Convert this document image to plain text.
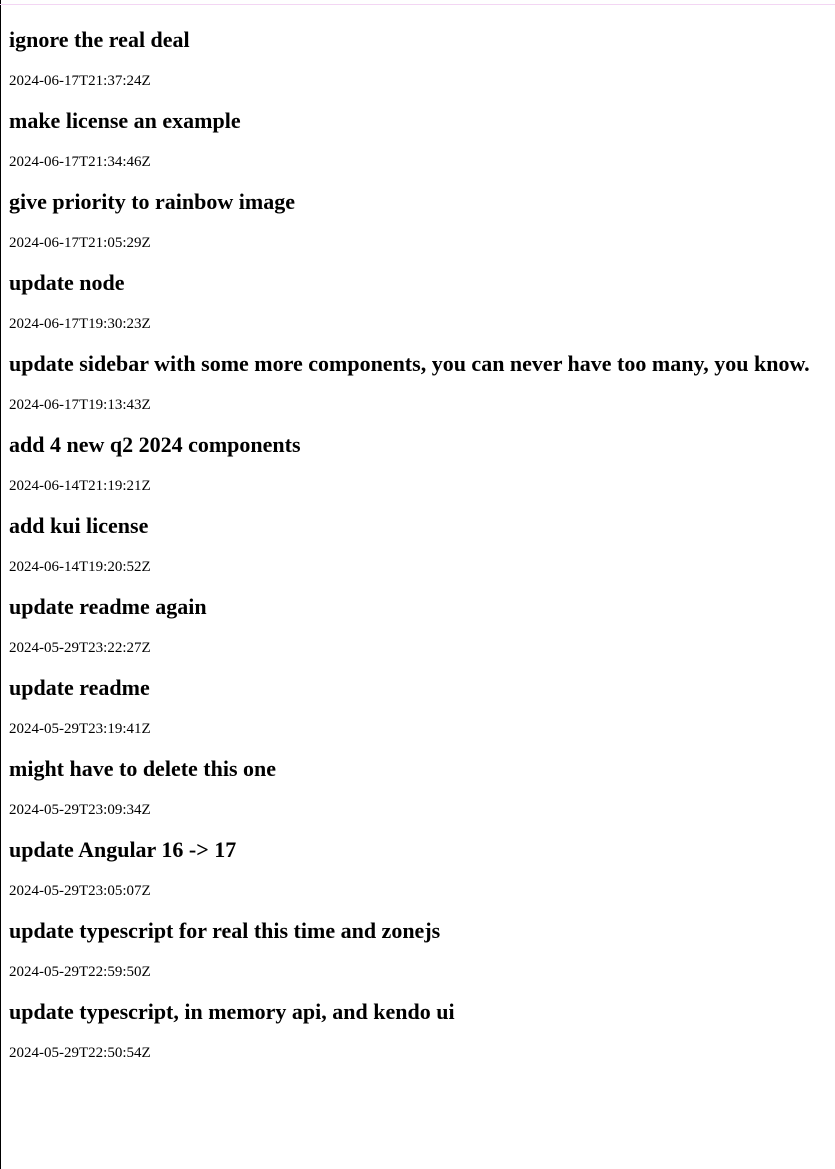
ignore the real deal

2024-06-17T21:37:24Z

make license an example

2024-06-17T21:34:46Z

give priority to rainbow image

2024-06-17T21:05:29Z

update node

2024-06-17T19:30:23Z

update sidebar with some more components, you can never have too many, you know.

2024-06-17T19:13:43Z

add 4 new q2 2024 components

2024-06-14T21:19:21Z

add kui license

2024-06-14T19:20:52Z

update readme again

2024-05-29T23:22:27Z

update readme

2024-05-29T23:19:41Z

might have to delete this one

2024-05-29T23:09:34Z

update Angular 16 -> 17

2024-05-29T23:05:07Z

update typescript for real this time and zonejs

2024-05-29T22:59:50Z

update typescript, in memory api, and kendo ui

2024-05-29T22:50:54Z
